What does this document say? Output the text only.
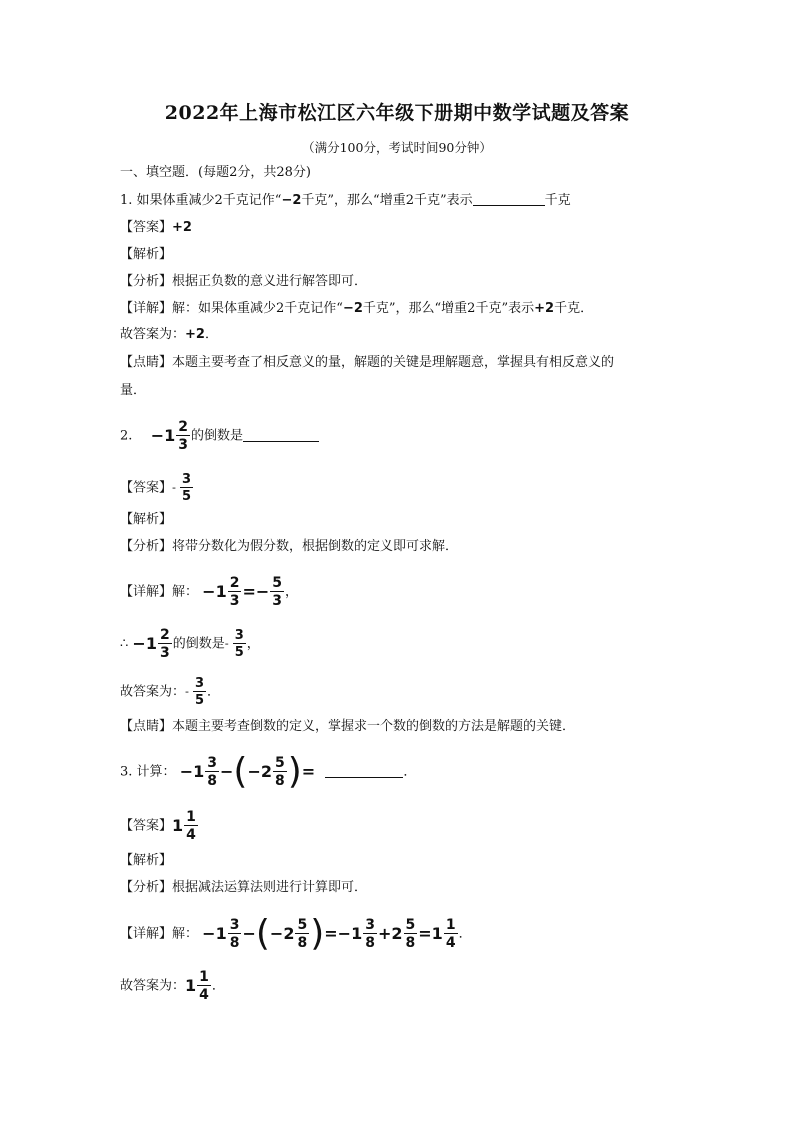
2022年上海市松江区六年级下册期中数学试题及答案
（满分100分，考试时间90分钟）
一、填空题．(每题2分，共28分)
1. 如果体重减少2千克记作“−2千克”，那么“增重2千克”表示	千克
【答案】+2
【解析】
【分析】根据正负数的意义进行解答即可．
【详解】解：如果体重减少2千克记作“−2千克”，那么“增重2千克”表示+2千克．
故答案为：+2．
【点睛】本题主要考查了相反意义的量，解题的关键是理解题意，掌握具有相反意义的
量．
2. $-1 \frac{2}{3}$ 的倒数是
【答案】- $\frac{3}{5}$
【解析】
【分析】将带分数化为假分数，根据倒数的定义即可求解．
【详解】解： $-1 \frac{2}{3} =- \frac{5}{3}$ ，
∴ $-1 \frac{2}{3}$ 的倒数是- $\frac{3}{5}$ ，
故答案为：- $\frac{3}{5}$ ．
【点睛】本题主要考查倒数的定义，掌握求一个数的倒数的方法是解题的关键．
3. 计算： $-1 \frac{3}{8} -(-2 \frac{5}{8}$ )=	．
【答案】$1 \frac{1}{4}$
【解析】
【分析】根据减法运算法则进行计算即可．
【详解】解： $-1 \frac{3}{8} -(-2 \frac{5}{8} )=-1 \frac{3}{8} +2 \frac{5}{8} =1 \frac{1}{4}$ ．
故答案为：$1 \frac{1}{4}$ ．
